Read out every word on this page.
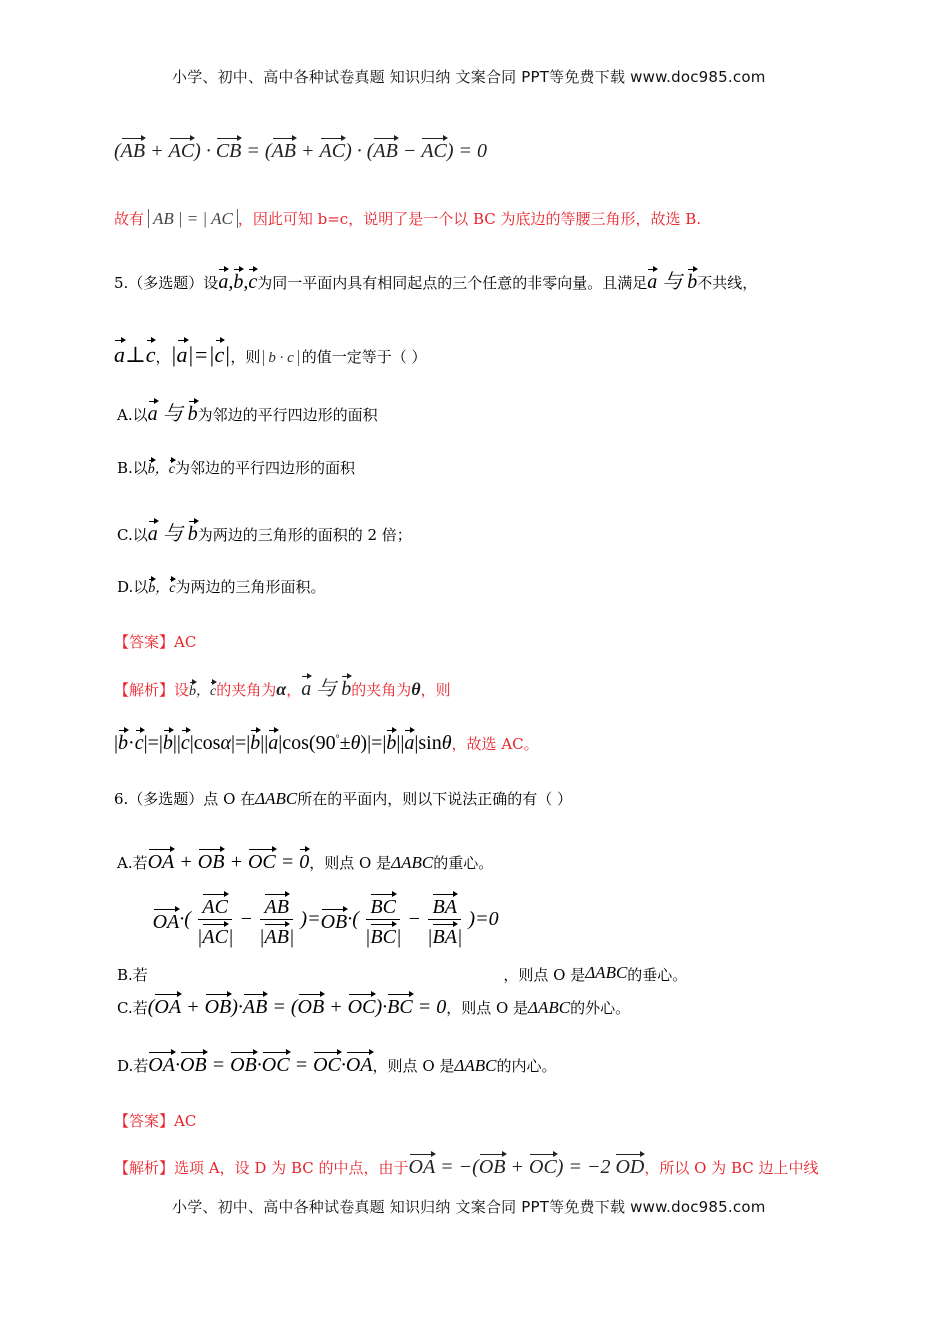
小学、初中、高中各种试卷真题 知识归纳 文案合同 PPT等免费下载 www.doc985.com
(AB + AC) · CB = (AB + AC) · (AB − AC) = 0
故有 AB | = | AC ，因此可知 b=c，说明了是一个以 BC 为底边的等腰三角形，故选 B.
5.（多选题）设a,b,c为同一平面内具有相同起点的三个任意的非零向量。且满足a 与 b不共线，
a⊥c，|a|=|c|，则 b · c 的值一定等于（ ）
A.以a 与 b为邻边的平行四边形的面积
B.以b，c为邻边的平行四边形的面积
C.以a 与 b为两边的三角形的面积的 2 倍；
D.以b，c为两边的三角形面积。
【答案】AC
【解析】设b，c的夹角为α，a 与 b的夹角为θ，则
|b·c|=|b||c|cosα|=|b||a|cos(90°±θ)|=|b||a|sinθ，故选 AC。
6.（多选题）点 O 在ΔABC所在的平面内，则以下说法正确的有（ ）
A.若OA + OB + OC = 0，则点 O 是ΔABC的重心。
B.若
OA ·( $\frac{AC}{|AC|} - \frac{AB}{|AB|}$ )= OB ·( $\frac{BC}{|BC|} - \frac{BA}{|BA|} )=0$ ，则点 O 是ΔABC的垂心。
C.若(OA + OB)·AB = (OB + OC)·BC = 0，则点 O 是ΔABC的外心。
D.若OA·OB = OB·OC = OC·OA，则点 O 是ΔABC的内心。
【答案】AC
【解析】选项 A，设 D 为 BC 的中点，由于OA = −(OB + OC) = −2 OD，所以 O 为 BC 边上中线
小学、初中、高中各种试卷真题 知识归纳 文案合同 PPT等免费下载 www.doc985.com
